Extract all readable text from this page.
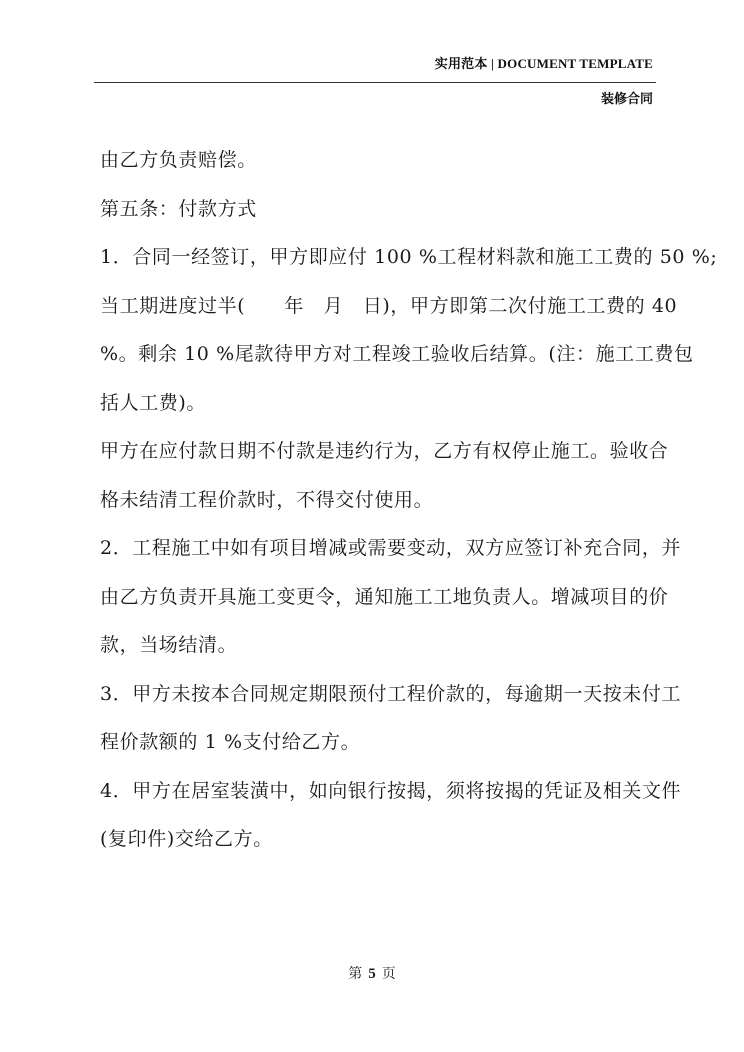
实用范本 | DOCUMENT TEMPLATE
装修合同
由乙方负责赔偿。
第五条：付款方式
1．合同一经签订，甲方即应付 100 %工程材料款和施工工费的 50 %;
当工期进度过半(　　年　月　日)，甲方即第二次付施工工费的 40
%。剩余 10 %尾款待甲方对工程竣工验收后结算。(注：施工工费包
括人工费)。
甲方在应付款日期不付款是违约行为，乙方有权停止施工。验收合
格未结清工程价款时，不得交付使用。
2．工程施工中如有项目增减或需要变动，双方应签订补充合同，并
由乙方负责开具施工变更令，通知施工工地负责人。增减项目的价
款，当场结清。
3．甲方未按本合同规定期限预付工程价款的，每逾期一天按未付工
程价款额的 1 %支付给乙方。
4．甲方在居室装潢中，如向银行按揭，须将按揭的凭证及相关文件
(复印件)交给乙方。
第 5 页
